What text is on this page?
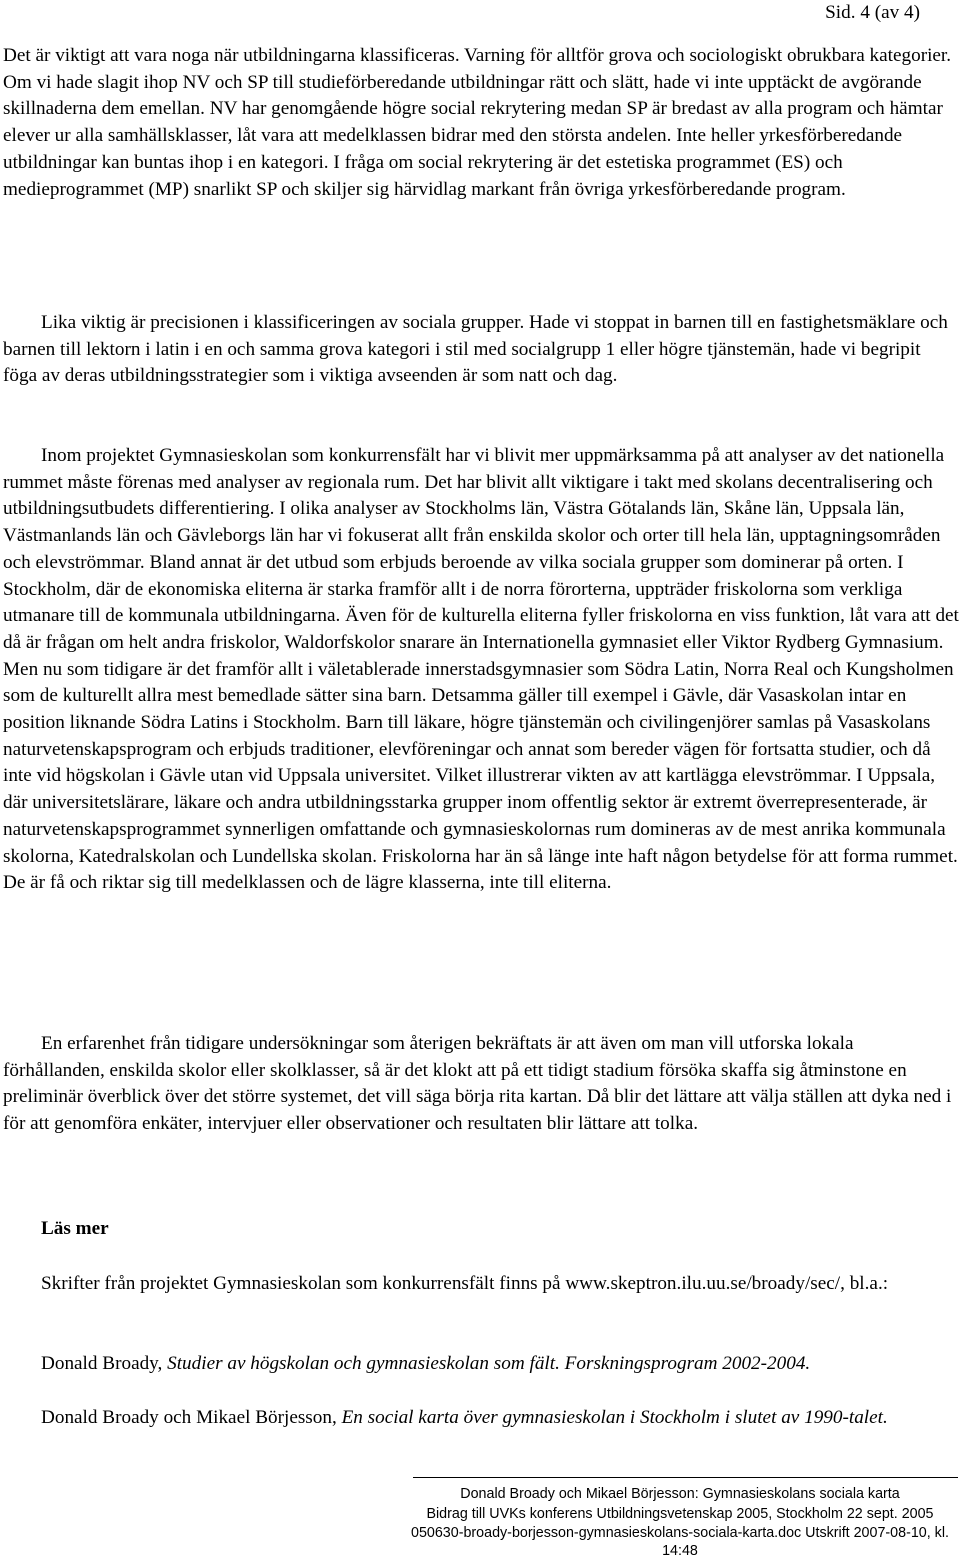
Sid. 4 (av 4)

Det är viktigt att vara noga när utbildningarna klassificeras. Varning för alltför grova och sociologiskt obrukbara kategorier. Om vi hade slagit ihop NV och SP till studieförberedande utbildningar rätt och slätt, hade vi inte upptäckt de avgörande skillnaderna dem emellan. NV har genomgående högre social rekrytering medan SP är bredast av alla program och hämtar elever ur alla samhällsklasser, låt vara att medelklassen bidrar med den största andelen. Inte heller yrkesförberedande utbildningar kan buntas ihop i en kategori. I fråga om social rekrytering är det estetiska programmet (ES) och medieprogrammet (MP) snarlikt SP och skiljer sig härvidlag markant från övriga yrkesförberedande program.

Lika viktig är precisionen i klassificeringen av sociala grupper. Hade vi stoppat in barnen till en fastighetsmäklare och barnen till lektorn i latin i en och samma grova kategori i stil med socialgrupp 1 eller högre tjänstemän, hade vi begripit föga av deras utbildningsstrategier som i viktiga avseenden är som natt och dag.

Inom projektet Gymnasieskolan som konkurrensfält har vi blivit mer uppmärksamma på att analyser av det nationella rummet måste förenas med analyser av regionala rum. Det har blivit allt viktigare i takt med skolans decentralisering och utbildningsutbudets differentiering. I olika analyser av Stockholms län, Västra Götalands län, Skåne län, Uppsala län, Västmanlands län och Gävleborgs län har vi fokuserat allt från enskilda skolor och orter till hela län, upptagningsområden och elevströmmar. Bland annat är det utbud som erbjuds beroende av vilka sociala grupper som dominerar på orten. I Stockholm, där de ekonomiska eliterna är starka framför allt i de norra förorterna, uppträder friskolorna som verkliga utmanare till de kommunala utbildningarna. Även för de kulturella eliterna fyller friskolorna en viss funktion, låt vara att det då är frågan om helt andra friskolor, Waldorfskolor snarare än Internationella gymnasiet eller Viktor Rydberg Gymnasium. Men nu som tidigare är det framför allt i väletablerade innerstadsgymnasier som Södra Latin, Norra Real och Kungsholmen som de kulturellt allra mest bemedlade sätter sina barn. Detsamma gäller till exempel i Gävle, där Vasaskolan intar en position liknande Södra Latins i Stockholm. Barn till läkare, högre tjänstemän och civilingenjörer samlas på Vasaskolans naturvetenskapsprogram och erbjuds traditioner, elevföreningar och annat som bereder vägen för fortsatta studier, och då inte vid högskolan i Gävle utan vid Uppsala universitet. Vilket illustrerar vikten av att kartlägga elevströmmar. I Uppsala, där universitetslärare, läkare och andra utbildningsstarka grupper inom offentlig sektor är extremt överrepresenterade, är naturvetenskapsprogrammet synnerligen omfattande och gymnasieskolornas rum domineras av de mest anrika kommunala skolorna, Katedralskolan och Lundellska skolan. Friskolorna har än så länge inte haft någon betydelse för att forma rummet. De är få och riktar sig till medelklassen och de lägre klasserna, inte till eliterna.

En erfarenhet från tidigare undersökningar som återigen bekräftats är att även om man vill utforska lokala förhållanden, enskilda skolor eller skolklasser, så är det klokt att på ett tidigt stadium försöka skaffa sig åtminstone en preliminär överblick över det större systemet, det vill säga börja rita kartan. Då blir det lättare att välja ställen att dyka ned i för att genomföra enkäter, intervjuer eller observationer och resultaten blir lättare att tolka.

Läs mer

Skrifter från projektet Gymnasieskolan som konkurrensfält finns på www.skeptron.ilu.uu.se/broady/sec/, bl.a.:

Donald Broady, Studier av högskolan och gymnasieskolan som fält. Forskningsprogram 2002-2004.

Donald Broady och Mikael Börjesson, En social karta över gymnasieskolan i Stockholm i slutet av 1990-talet.

Donald Broady och Mikael Börjesson: Gymnasieskolans sociala karta
Bidrag till UVKs konferens Utbildningsvetenskap 2005, Stockholm 22 sept. 2005
050630-broady-borjesson-gymnasieskolans-sociala-karta.doc Utskrift 2007-08-10, kl. 14:48
